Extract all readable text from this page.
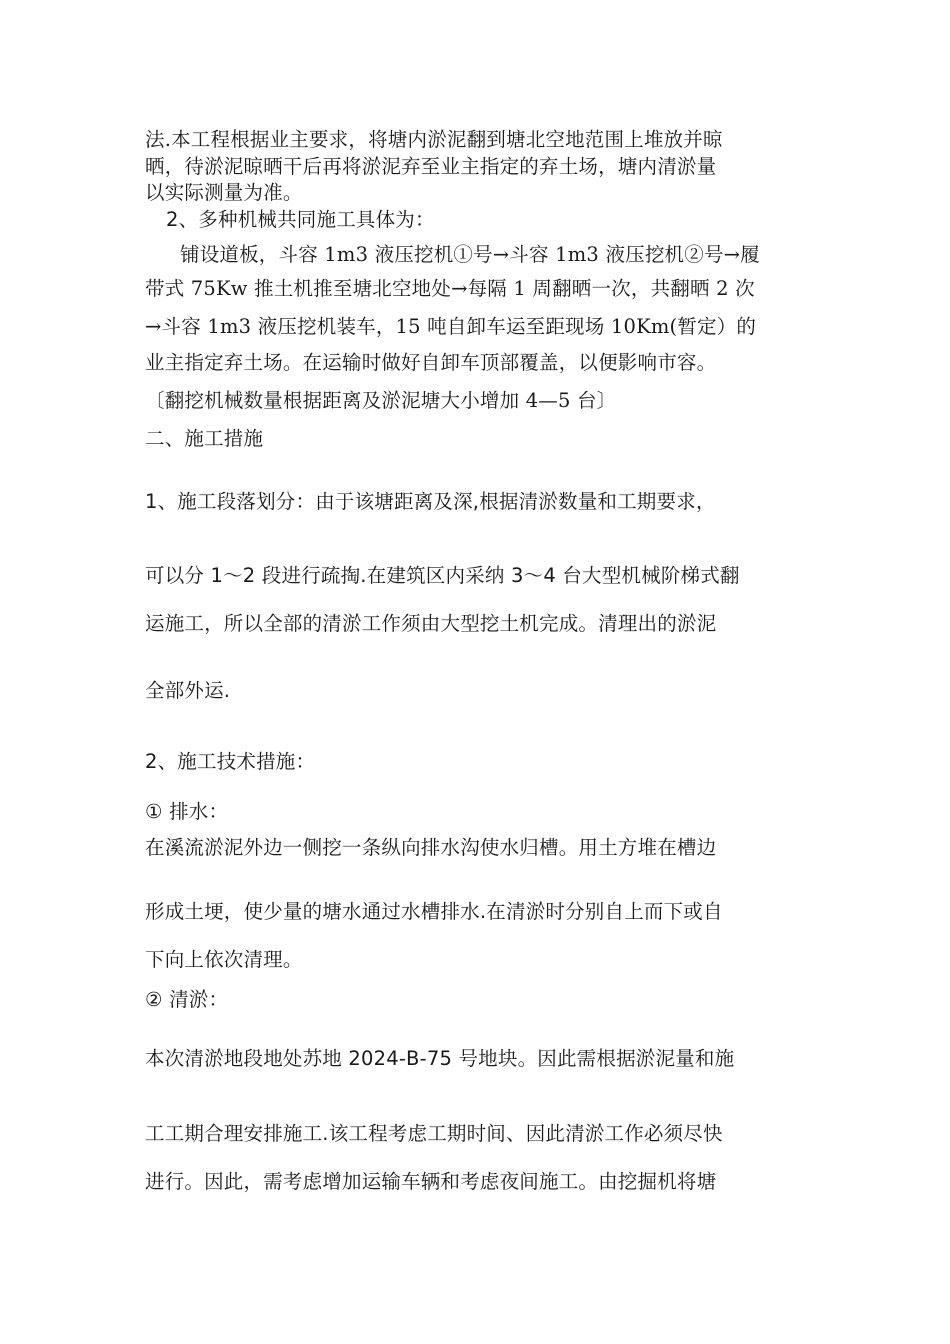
法.本工程根据业主要求，将塘内淤泥翻到塘北空地范围上堆放并晾
晒，待淤泥晾晒干后再将淤泥弃至业主指定的弃土场，塘内清淤量
以实际测量为准。
2、多种机械共同施工具体为：
铺设道板，斗容 1m3 液压挖机①号→斗容 1m3 液压挖机②号→履
带式 75Kw 推土机推至塘北空地处→每隔 1 周翻晒一次，共翻晒 2 次
→斗容 1m3 液压挖机装车，15 吨自卸车运至距现场 10Km(暂定）的
业主指定弃土场。在运输时做好自卸车顶部覆盖，以便影响市容。
〔翻挖机械数量根据距离及淤泥塘大小增加 4—5 台〕
二、施工措施
1、施工段落划分：由于该塘距离及深,根据清淤数量和工期要求，
可以分 1～2 段进行疏掏.在建筑区内采纳 3～4 台大型机械阶梯式翻
运施工，所以全部的清淤工作须由大型挖土机完成。清理出的淤泥
全部外运.
2、施工技术措施：
① 排水：
在溪流淤泥外边一侧挖一条纵向排水沟使水归槽。用土方堆在槽边
形成土埂，使少量的塘水通过水槽排水.在清淤时分别自上而下或自
下向上依次清理。
② 清淤：
本次清淤地段地处苏地 2024-B-75 号地块。因此需根据淤泥量和施
工工期合理安排施工.该工程考虑工期时间、因此清淤工作必须尽快
进行。因此，需考虑增加运输车辆和考虑夜间施工。由挖掘机将塘
